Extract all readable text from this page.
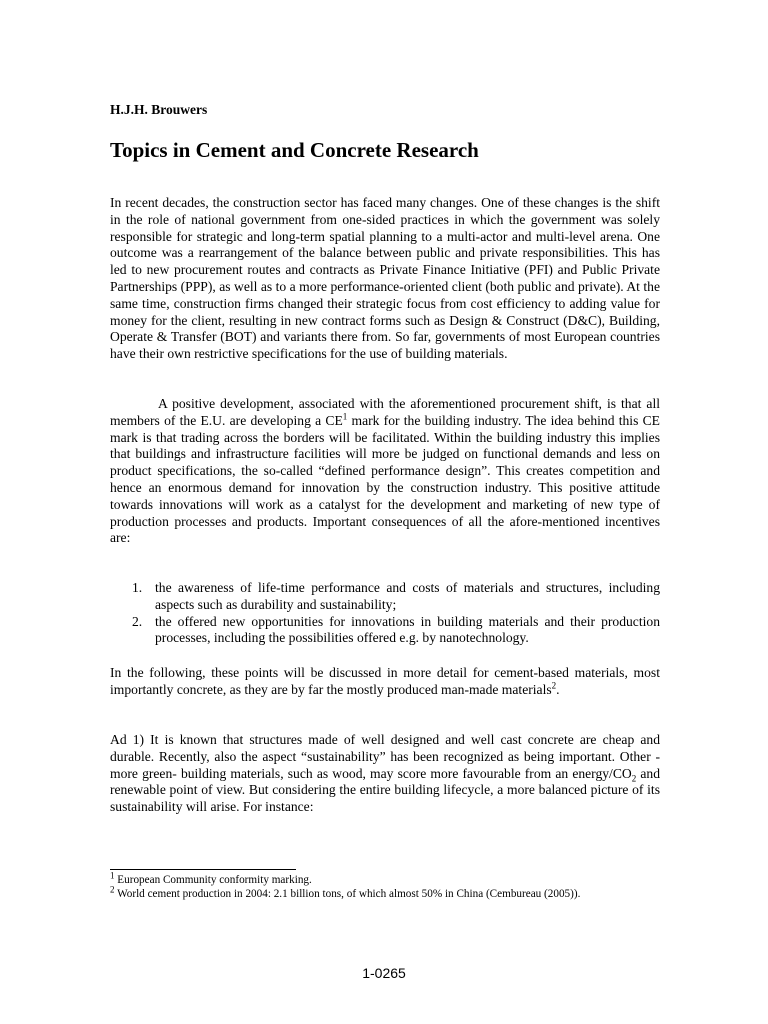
H.J.H. Brouwers
Topics in Cement and Concrete Research

In recent decades, the construction sector has faced many changes. One of these changes is the shift in the role of national government from one-sided practices in which the government was solely responsible for strategic and long-term spatial planning to a multi-actor and multi-level arena. One outcome was a rearrangement of the balance between public and private responsibilities. This has led to new procurement routes and contracts as Private Finance Initiative (PFI) and Public Private Partnerships (PPP), as well as to a more performance-oriented client (both public and private). At the same time, construction firms changed their strategic focus from cost efficiency to adding value for money for the client, resulting in new contract forms such as Design & Construct (D&C), Building, Operate & Transfer (BOT) and variants there from. So far, governments of most European countries have their own restrictive specifications for the use of building materials.

A positive development, associated with the aforementioned procurement shift, is that all members of the E.U. are developing a $CE^1$ mark for the building industry. The idea behind this CE mark is that trading across the borders will be facilitated. Within the building industry this implies that buildings and infrastructure facilities will more be judged on functional demands and less on product specifications, the so-called “defined performance design”. This creates competition and hence an enormous demand for innovation by the construction industry. This positive attitude towards innovations will work as a catalyst for the development and marketing of new type of production processes and products. Important consequences of all the afore-mentioned incentives are:

1. the awareness of life-time performance and costs of materials and structures, including aspects such as durability and sustainability;
2. the offered new opportunities for innovations in building materials and their production processes, including the possibilities offered e.g. by nanotechnology.

In the following, these points will be discussed in more detail for cement-based materials, most importantly concrete, as they are by far the mostly produced man-made materials$^2$.

Ad 1) It is known that structures made of well designed and well cast concrete are cheap and durable. Recently, also the aspect “sustainability” has been recognized as being important. Other -more green- building materials, such as wood, may score more favourable from an energy/$CO_2$ and renewable point of view. But considering the entire building lifecycle, a more balanced picture of its sustainability will arise. For instance:

$^1$ European Community conformity marking.
$^2$ World cement production in 2004: 2.1 billion tons, of which almost 50% in China (Cembureau (2005)).
1-0265
